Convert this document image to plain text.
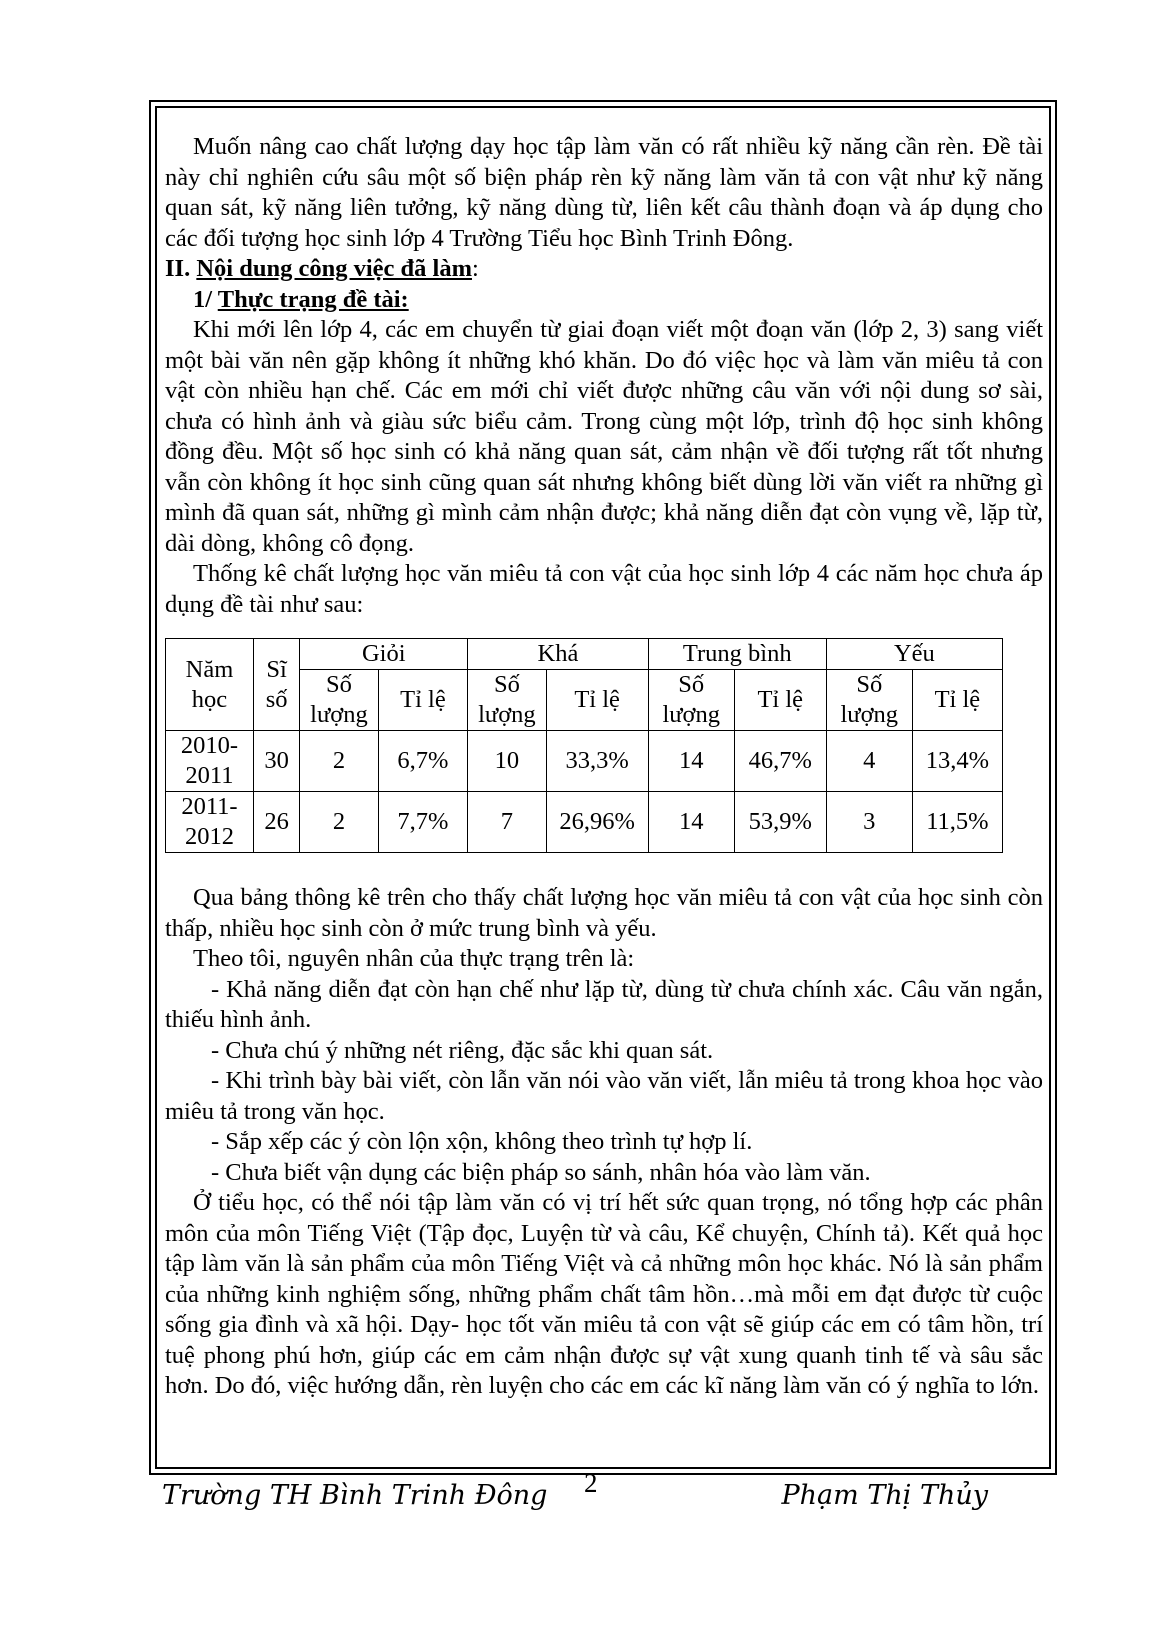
Muốn nâng cao chất lượng dạy học tập làm văn có rất nhiều kỹ năng cần rèn. Đề tài này chỉ nghiên cứu sâu một số biện pháp rèn kỹ năng làm văn tả con vật như kỹ năng quan sát, kỹ năng liên tưởng, kỹ năng dùng từ, liên kết câu thành đoạn và áp dụng cho các đối tượng học sinh lớp 4 Trường Tiểu học Bình Trinh Đông.

II. Nội dung công việc đã làm:

1/ Thực trạng đề tài:

Khi mới lên lớp 4, các em chuyển từ giai đoạn viết một đoạn văn (lớp 2, 3) sang viết một bài văn nên gặp không ít những khó khăn. Do đó việc học và làm văn miêu tả con vật còn nhiều hạn chế. Các em mới chỉ viết được những câu văn với nội dung sơ sài, chưa có hình ảnh và giàu sức biểu cảm. Trong cùng một lớp, trình độ học sinh không đồng đều. Một số học sinh có khả năng quan sát, cảm nhận về đối tượng rất tốt nhưng vẫn còn không ít học sinh cũng quan sát nhưng không biết dùng lời văn viết ra những gì mình đã quan sát, những gì mình cảm nhận được; khả năng diễn đạt còn vụng về, lặp từ, dài dòng, không cô đọng.

Thống kê chất lượng học văn miêu tả con vật của học sinh lớp 4 các năm học chưa áp dụng đề tài như sau:

Năm học	Sĩ số	Giỏi		Khá		Trung bình		Yếu	
		Số lượng	Tỉ lệ	Số lượng	Tỉ lệ	Số lượng	Tỉ lệ	Số lượng	Tỉ lệ
2010-2011	30	2	6,7%	10	33,3%	14	46,7%	4	13,4%
2011-2012	26	2	7,7%	7	26,96%	14	53,9%	3	11,5%

Qua bảng thông kê trên cho thấy chất lượng học văn miêu tả con vật của học sinh còn thấp, nhiều học sinh còn ở mức trung bình và yếu.

Theo tôi, nguyên nhân của thực trạng trên là:

- Khả năng diễn đạt còn hạn chế như lặp từ, dùng từ chưa chính xác. Câu văn ngắn, thiếu hình ảnh.

- Chưa chú ý những nét riêng, đặc sắc khi quan sát.

- Khi trình bày bài viết, còn lẫn văn nói vào văn viết, lẫn miêu tả trong khoa học vào miêu tả trong văn học.

- Sắp xếp các ý còn lộn xộn, không theo trình tự hợp lí.

- Chưa biết vận dụng các biện pháp so sánh, nhân hóa vào làm văn.

Ở tiểu học, có thể nói tập làm văn có vị trí hết sức quan trọng, nó tổng hợp các phân môn của môn Tiếng Việt (Tập đọc, Luyện từ và câu, Kể chuyện, Chính tả). Kết quả học tập làm văn là sản phẩm của môn Tiếng Việt và cả những môn học khác. Nó là sản phẩm của những kinh nghiệm sống, những phẩm chất tâm hồn…mà mỗi em đạt được từ cuộc sống gia đình và xã hội. Dạy- học tốt văn miêu tả con vật sẽ giúp các em có tâm hồn, trí tuệ phong phú hơn, giúp các em cảm nhận được sự vật xung quanh tinh tế và sâu sắc hơn. Do đó, việc hướng dẫn, rèn luyện cho các em các kĩ năng làm văn có ý nghĩa to lớn.

Trường TH Bình Trinh Đông 2	Phạm Thị Thủy
